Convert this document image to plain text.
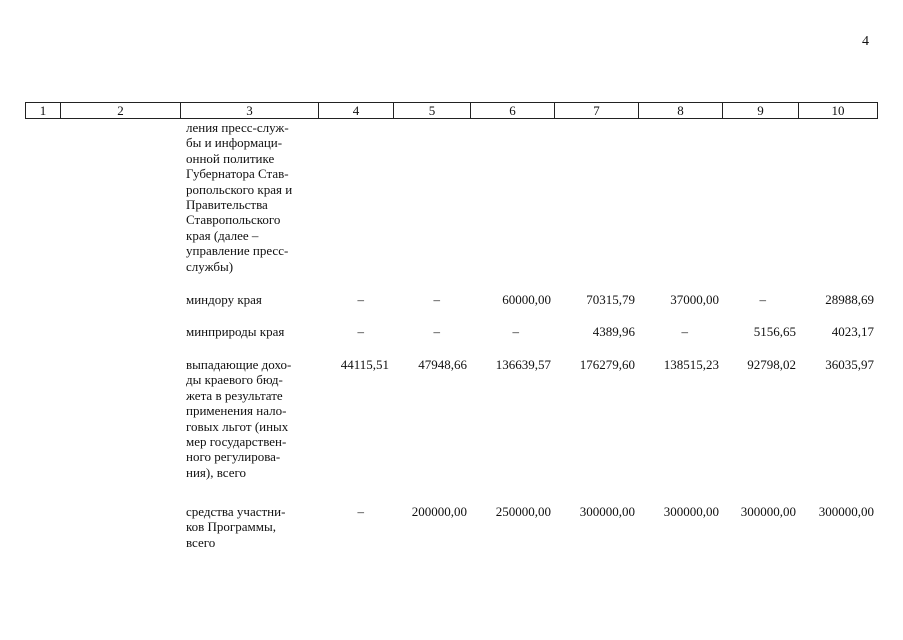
4
1	2	3	4	5	6	7	8	9	10
ления пресс-служ-
бы и информаци-
онной политике
Губернатора Став-
ропольского края и
Правительства
Ставропольского
края (далее –
управление пресс-
службы)
миндору края	–	–	60000,00	70315,79	37000,00	–	28988,69
минприроды края	–	–	–	4389,96	–	5156,65	4023,17
выпадающие дохо-
ды краевого бюд-
жета в результате
применения нало-
говых льгот (иных
мер государствен-
ного регулирова-
ния), всего
44115,51 47948,66 136639,57 176279,60 138515,23 92798,02 36035,97
средства участни-
ков Программы,
всего
–	200000,00 250000,00 300000,00 300000,00 300000,00 300000,00
